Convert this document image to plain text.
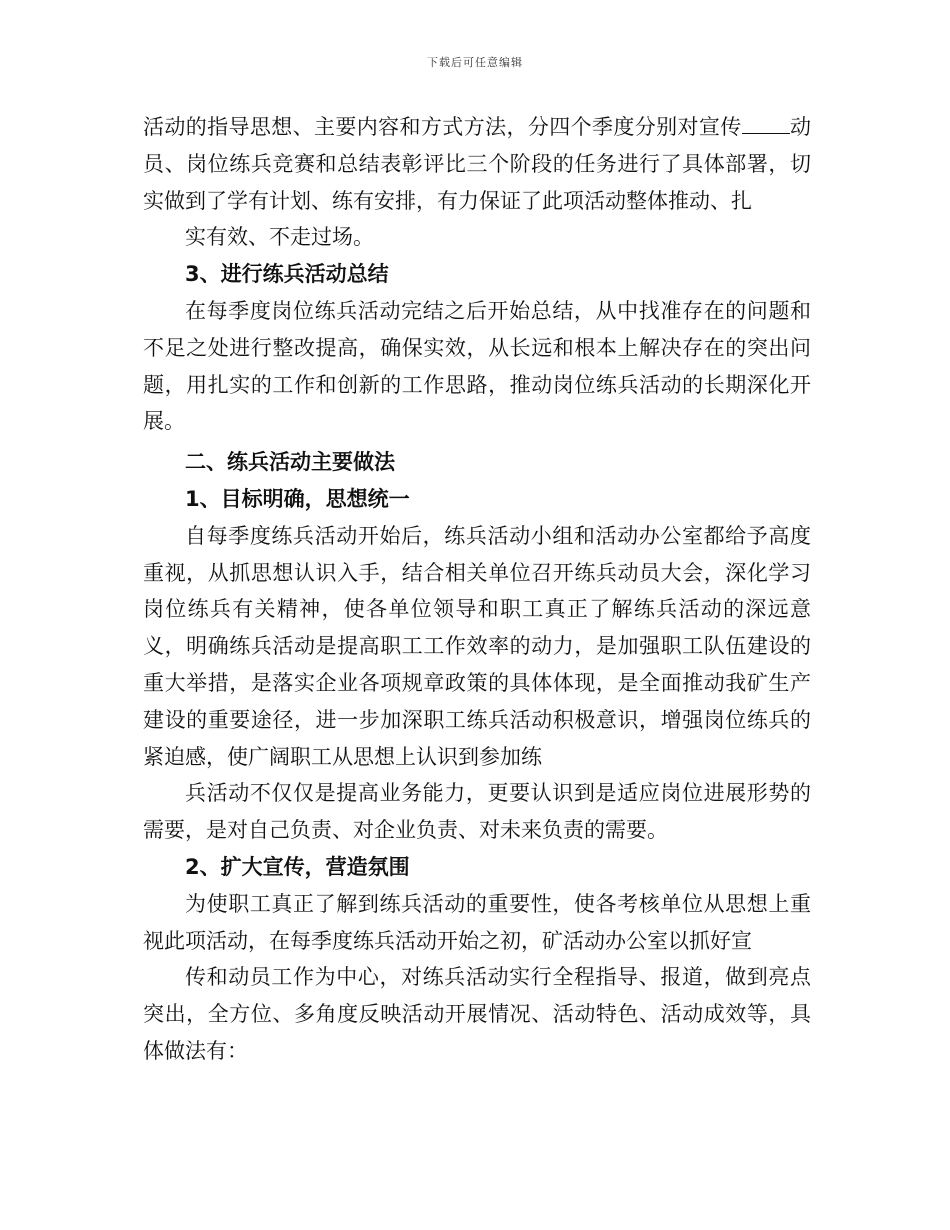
下载后可任意编辑

活动的指导思想、主要内容和方式方法，分四个季度分别对宣传 动员、岗位练兵竞赛和总结表彰评比三个阶段的任务进行了具体部署，切实做到了学有计划、练有安排，有力保证了此项活动整体推动、扎

实有效、不走过场。

3、进行练兵活动总结

在每季度岗位练兵活动完结之后开始总结，从中找准存在的问题和不足之处进行整改提高，确保实效，从长远和根本上解决存在的突出问题，用扎实的工作和创新的工作思路，推动岗位练兵活动的长期深化开展。

二、练兵活动主要做法

1、目标明确，思想统一

自每季度练兵活动开始后，练兵活动小组和活动办公室都给予高度重视，从抓思想认识入手，结合相关单位召开练兵动员大会，深化学习岗位练兵有关精神，使各单位领导和职工真正了解练兵活动的深远意义，明确练兵活动是提高职工工作效率的动力，是加强职工队伍建设的重大举措，是落实企业各项规章政策的具体体现，是全面推动我矿生产建设的重要途径，进一步加深职工练兵活动积极意识，增强岗位练兵的紧迫感，使广阔职工从思想上认识到参加练

兵活动不仅仅是提高业务能力，更要认识到是适应岗位进展形势的需要，是对自己负责、对企业负责、对未来负责的需要。

2、扩大宣传，营造氛围

为使职工真正了解到练兵活动的重要性，使各考核单位从思想上重视此项活动，在每季度练兵活动开始之初，矿活动办公室以抓好宣

传和动员工作为中心，对练兵活动实行全程指导、报道，做到亮点突出，全方位、多角度反映活动开展情况、活动特色、活动成效等，具体做法有：
